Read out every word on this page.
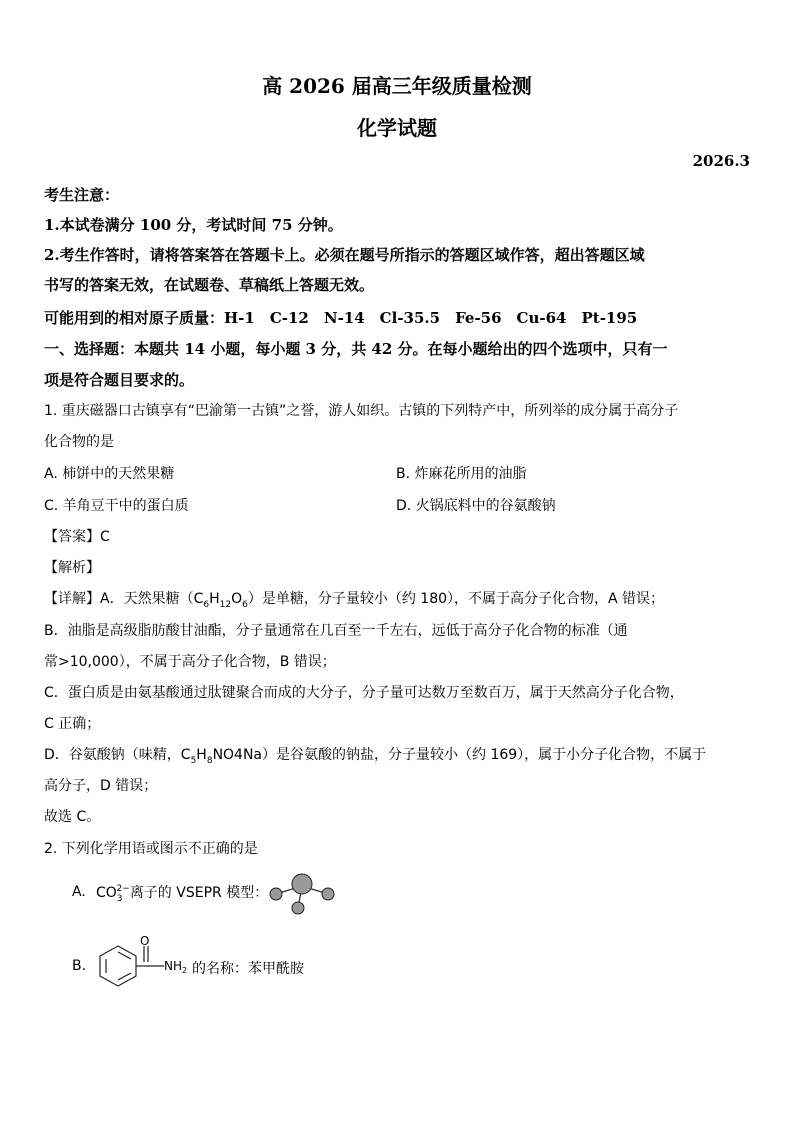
高 2026 届高三年级质量检测
化学试题
2026.3
考生注意：
1.本试卷满分 100 分，考试时间 75 分钟。
2.考生作答时，请将答案答在答题卡上。必须在题号所指示的答题区域作答，超出答题区域
书写的答案无效，在试题卷、草稿纸上答题无效。
可能用到的相对原子质量：H-1　C-12　N-14　Cl-35.5　Fe-56　Cu-64　Pt-195
一、选择题：本题共 14 小题，每小题 3 分，共 42 分。在每小题给出的四个选项中，只有一
项是符合题目要求的。
1. 重庆磁器口古镇享有“巴渝第一古镇”之誉，游人如织。古镇的下列特产中，所列举的成分属于高分子
化合物的是
A. 柿饼中的天然果糖	B. 炸麻花所用的油脂
C. 羊角豆干中的蛋白质	D. 火锅底料中的谷氨酸钠
【答案】C
【解析】
【详解】A．天然果糖$(C_6H_{12}O_6)$是单糖，分子量较小（约 180），不属于高分子化合物，A 错误；
B．油脂是高级脂肪酸甘油酯，分子量通常在几百至一千左右，远低于高分子化合物的标准（通
常>10,000），不属于高分子化合物，B 错误；
C．蛋白质是由氨基酸通过肽键聚合而成的大分子，分子量可达数万至数百万，属于天然高分子化合物，
C 正确；
D．谷氨酸钠（味精，$C_5H_8NO4Na$）是谷氨酸的钠盐，分子量较小（约 169），属于小分子化合物，不属于
高分子，D 错误；
故选 C。
2. 下列化学用语或图示不正确的是
A. $CO_3^{2-}$离子的 VSEPR 模型：
B.
O
$NH_2$ 的名称：苯甲酰胺
